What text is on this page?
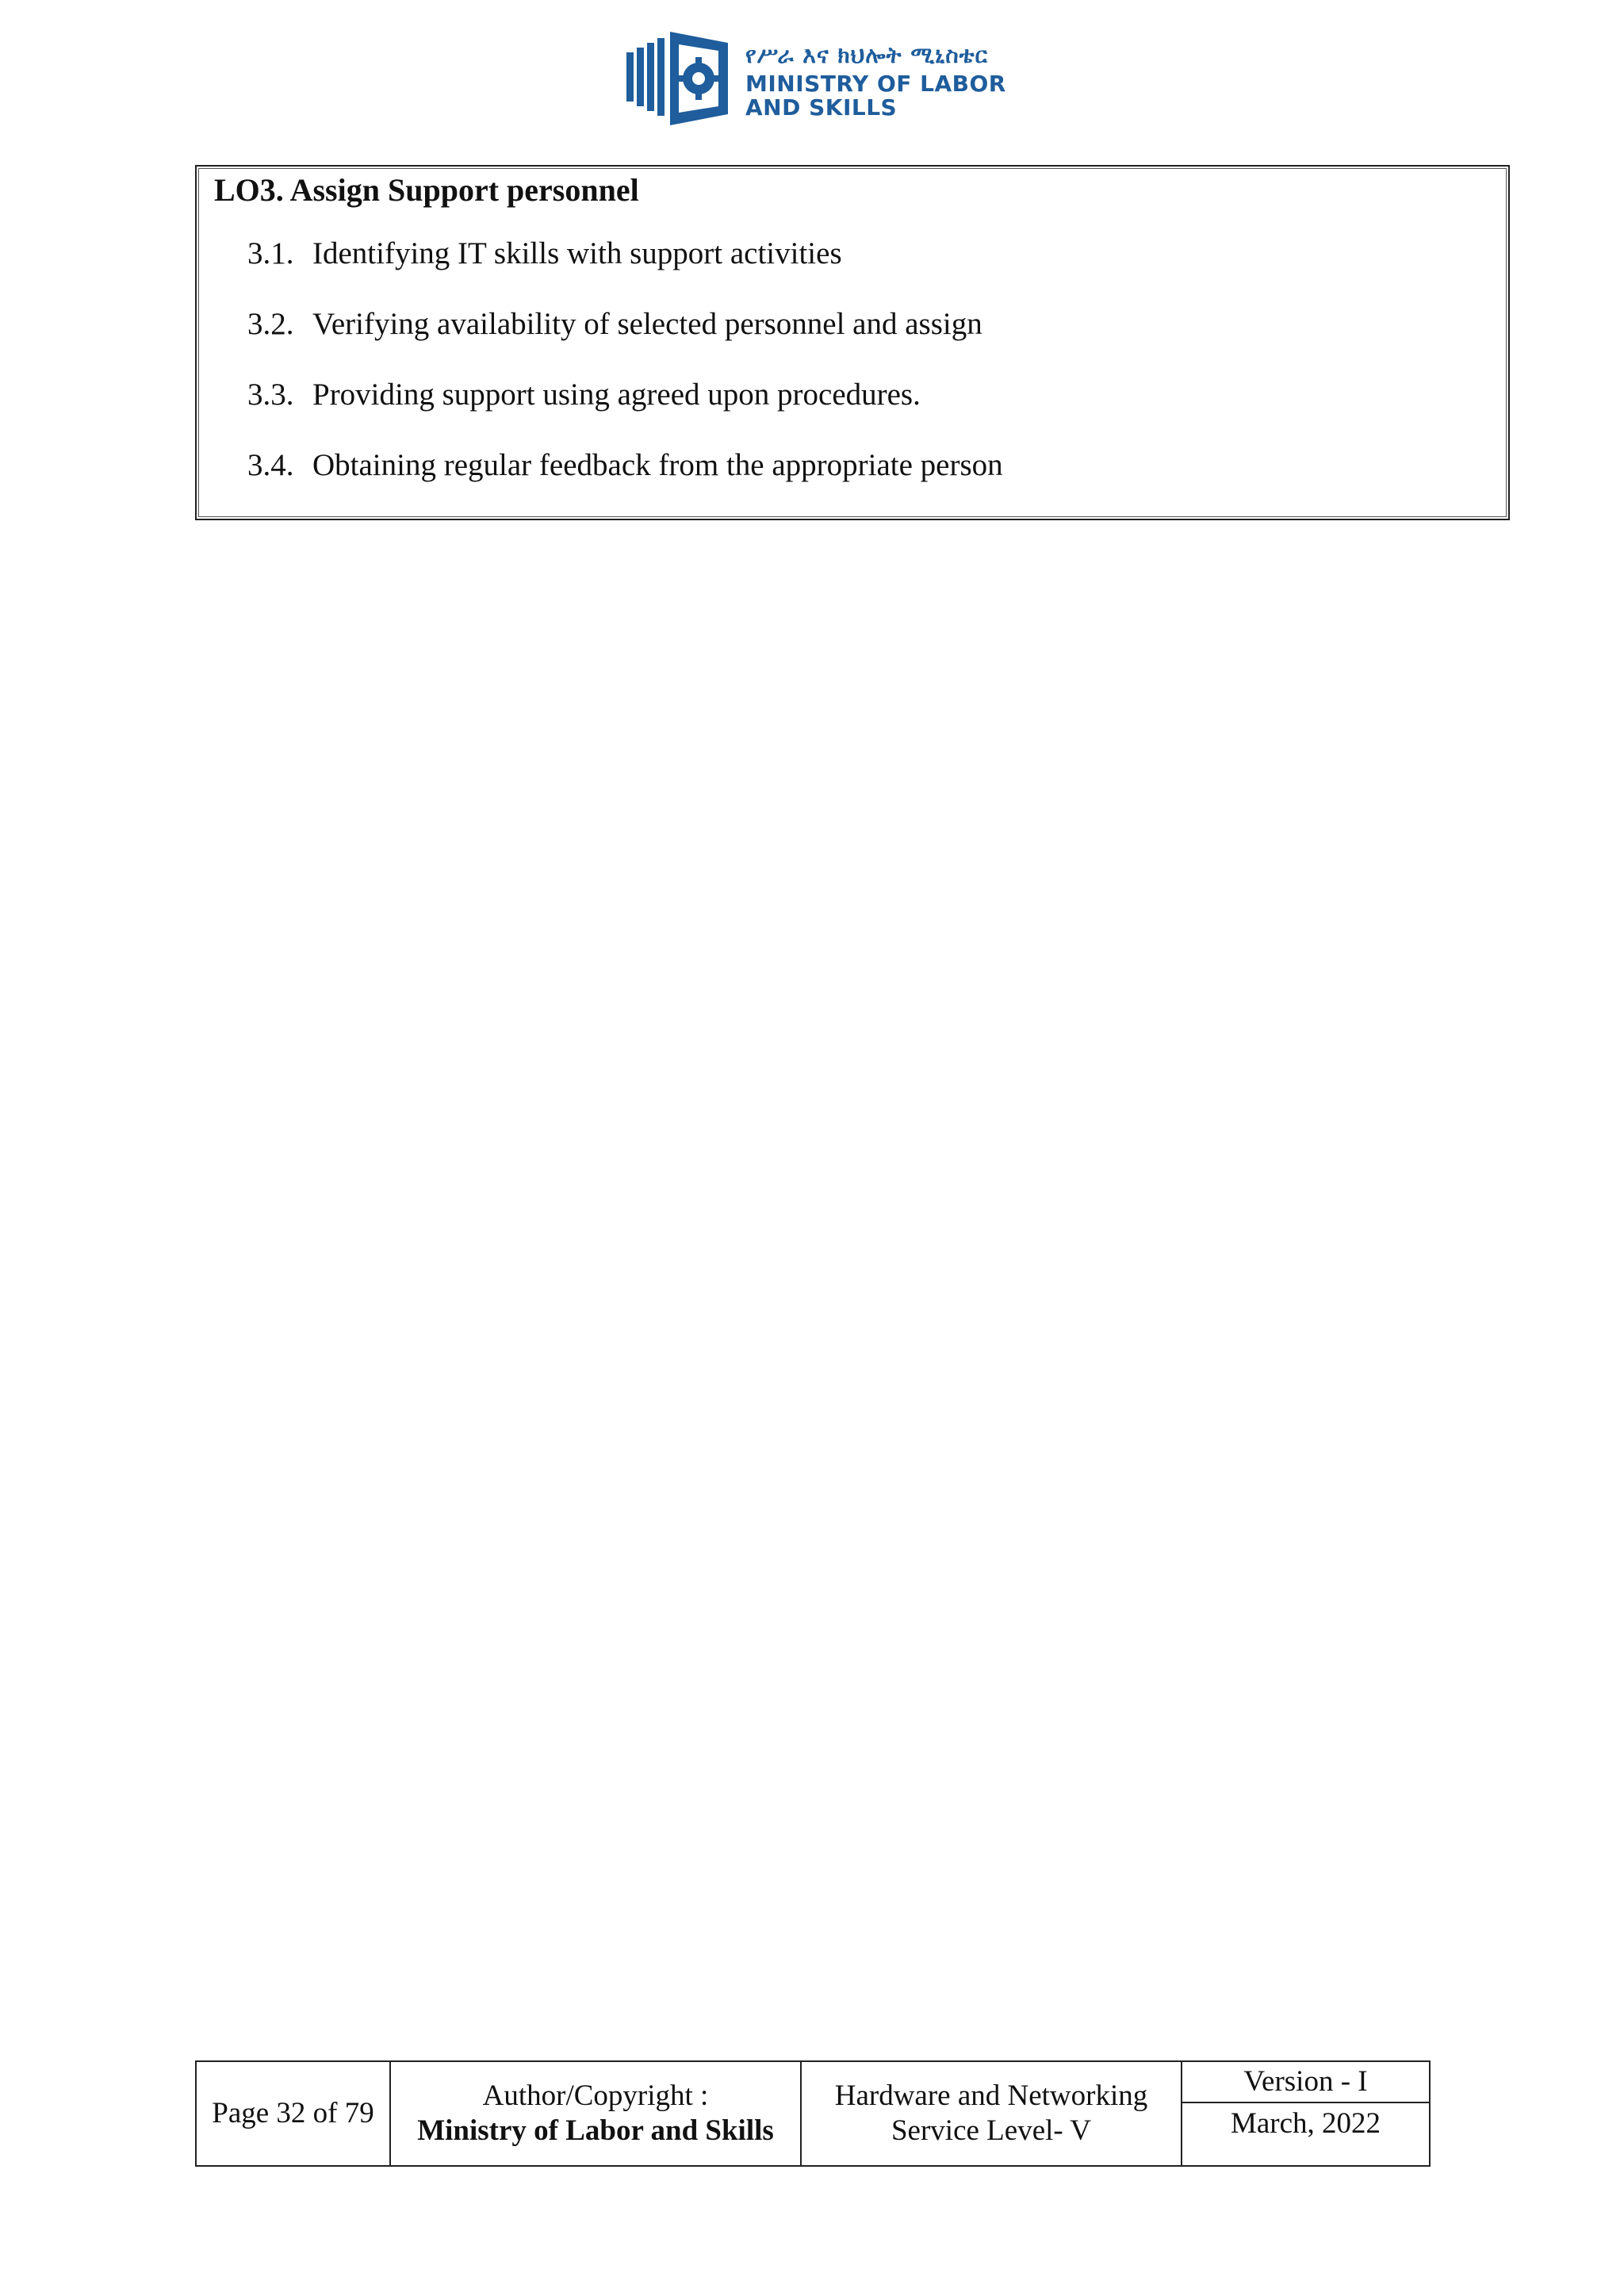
የሥራ እና ክህሎት ሚኒስቴር
MINISTRY OF LABOR
AND SKILLS
LO3. Assign Support personnel
3.1. Identifying IT skills with support activities
3.2. Verifying availability of selected personnel and assign
3.3. Providing support using agreed upon procedures.
3.4. Obtaining regular feedback from the appropriate person
Page 32 of 79
Author/Copyright :
Ministry of Labor and Skills
Hardware and Networking
Service Level- V
Version - I
March, 2022
